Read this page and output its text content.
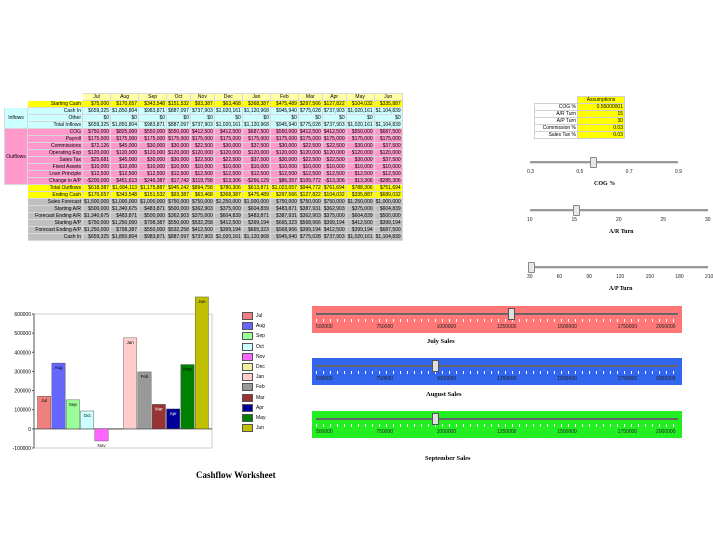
		Jul	Aug	Sep	Oct	Nov	Dec	Jan	Feb	Mar	Apr	May	Jun
	Starting Cash	$75,000	$170,657	$343,548	$151,532	$93,387	$63,468	$368,387	$475,489	$297,566	$127,822	$104,032	$335,887
Inflows	Cash In	$659,325	$1,850,804	$983,871	$887,097	$737,903	$1,020,161	$1,120,968	$945,940	$775,028	$737,903	$1,020,161	$1,104,839
	Other	$0	$0	$0	$0	$0	$0	$0	$0	$0	$0	$0	$0
	Total Inflows	$659,325	$1,850,804	$983,871	$887,097	$737,903	$1,020,161	$1,120,968	$945,940	$775,028	$737,903	$1,020,161	$1,104,839
Outflows	COG	$750,000	$825,000	$550,000	$550,000	$412,500	$412,500	$687,500	$550,000	$412,500	$412,500	$550,000	$687,500
	Payroll	$175,000	$175,000	$175,000	$175,000	$175,000	$175,000	$175,000	$175,000	$175,000	$175,000	$175,000	$175,000
	Commissions	$72,126	$45,000	$30,000	$30,000	$22,500	$30,000	$37,500	$30,000	$22,500	$22,500	$30,000	$37,500
	Operating Exp	$120,000	$120,000	$120,000	$120,000	$120,000	$120,000	$120,000	$120,000	$120,000	$120,000	$120,000	$120,000
	Sales Tax	$25,681	$45,000	$30,000	$30,000	$22,500	$22,500	$37,500	$30,000	$22,500	$22,500	$30,000	$37,500
	Fixed Assets	$10,000	$10,000	$10,000	$10,000	$10,000	$10,000	$10,000	$10,000	$10,000	$10,000	$10,000	$10,000
	Loan Principle	$12,500	$12,500	$12,500	$12,500	$12,500	$12,500	$12,500	$12,500	$12,500	$12,500	$12,500	$12,500
	Change in A/P	-$200,000	$451,613	$246,387	$17,742	$119,758	$13,306	-$266,129	$86,357	$109,772	-$13,306	$13,306	-$285,306
	Total Outflows	$618,387	$1,684,113	$1,175,887	$945,242	$894,758	$780,306	$613,871	$1,023,057	$944,772	$761,694	$788,306	$751,694
	Ending Cash	$170,657	$343,548	$151,532	$93,387	$63,468	$368,387	$475,489	$297,566	$127,822	$104,032	$335,887	$689,032
	Sales Forecast	$1,500,000	$1,000,000	$1,000,000	$750,000	$750,000	$1,250,000	$1,000,000	$750,000	$750,000	$750,000	$1,250,000	$1,000,000
	Starting A/R	$500,000	$1,340,675	$483,871	$500,000	$362,903	$375,000	$604,839	$483,871	$387,931	$362,903	$375,000	$604,839
	Forecast Ending A/R	$1,340,675	$483,871	$500,000	$362,903	$375,000	$604,839	$483,871	$387,931	$362,903	$375,000	$604,839	$500,000
	Starting A/P	$750,000	$1,250,000	$798,387	$550,000	$532,258	$412,500	$399,194	$665,323	$568,966	$399,194	$412,500	$399,194
	Forecast Ending A/P	$1,250,000	$798,387	$550,000	$532,258	$412,500	$399,194	$665,323	$568,966	$399,194	$412,500	$399,194	$687,500
	Cash In	$659,325	$1,850,804	$983,871	$887,097	$737,903	$1,020,161	$1,120,968	$945,940	$775,028	$737,903	$1,020,161	$1,104,839
	Assumptions
COG %	0.55000001
A/R Turn	15
A/P Turn	30
Commission %	0.03
Sales Tax %	0.03
0.3	0.5	0.7	0.9
COG %
10	15	20	25	30
A/R Turn
30	60	90	120	150	180	210
A/P Turn
-100000
0
100000
200000
300000
400000
500000
600000
Jul
Aug
Sep
Oct
Nov
Jan
Feb
Mar
Apr
May
Jun
Jul
Aug
Sep
Oct
Nov
Dec
Jan
Feb
Mar
Apr
May
Jun
Cashflow Worksheet
500000	750000	1000000	1250000	1500000	1750000	2000000
July Sales
500000	750000	1000000	1250000	1500000	1750000	2000000
August Sales
500000	750000	1000000	1250000	1500000	1750000	2000000
September Sales
